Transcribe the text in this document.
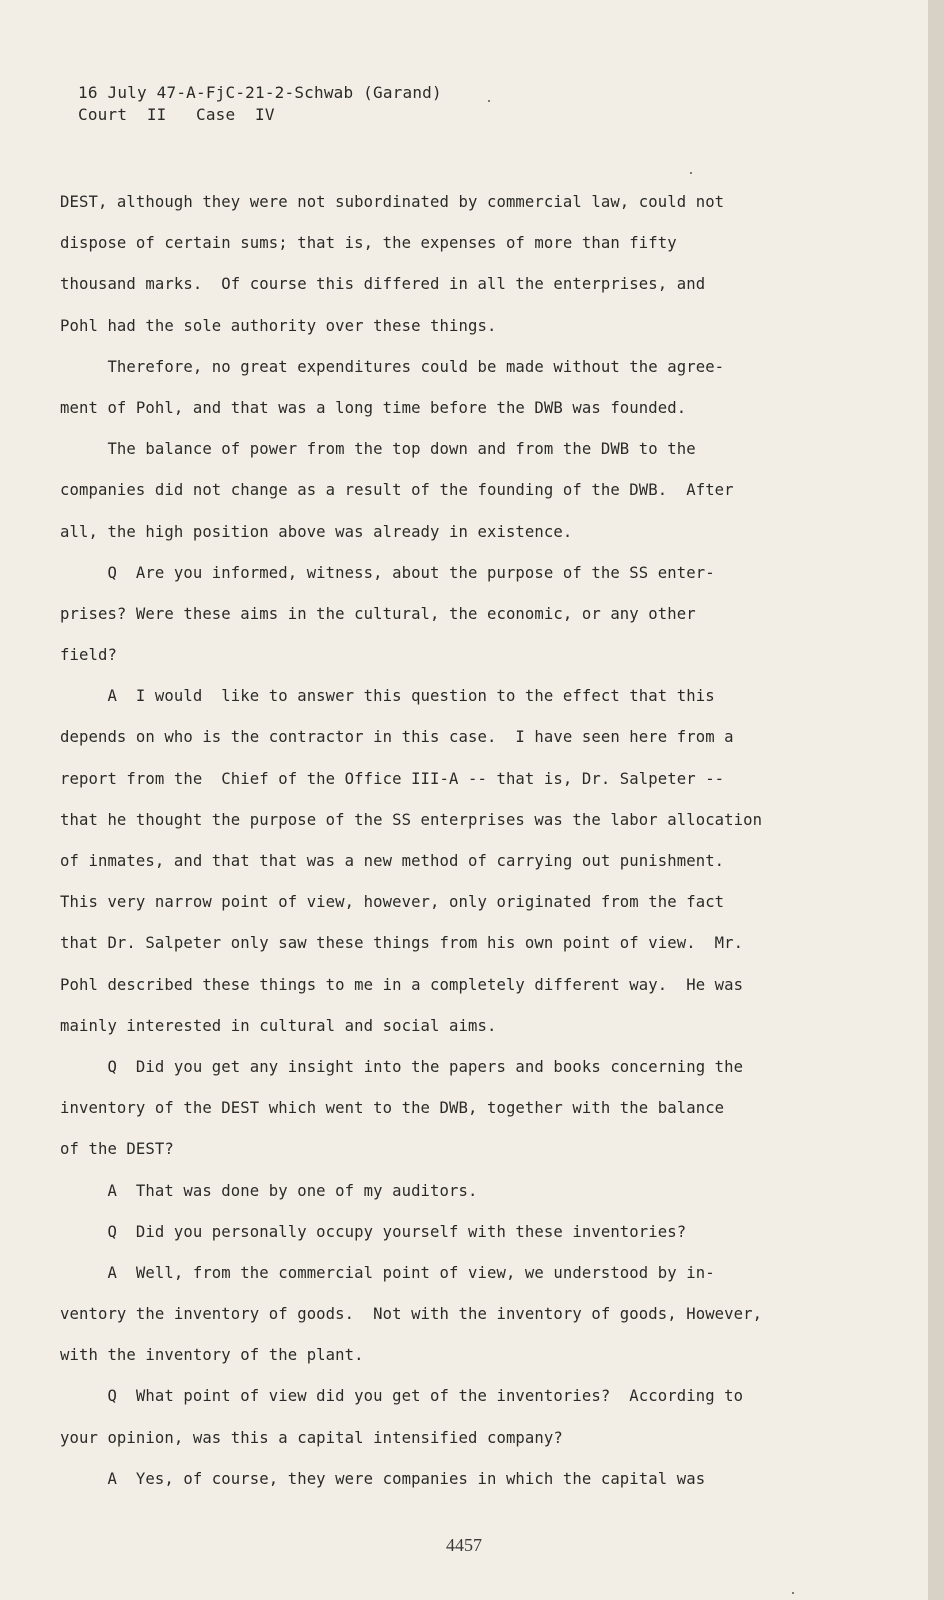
16 July 47-A-FjC-21-2-Schwab (Garand)
Court  II   Case  IV
DEST, although they were not subordinated by commercial law, could not
dispose of certain sums; that is, the expenses of more than fifty
thousand marks.  Of course this differed in all the enterprises, and
Pohl had the sole authority over these things.
Therefore, no great expenditures could be made without the agree-
ment of Pohl, and that was a long time before the DWB was founded.
The balance of power from the top down and from the DWB to the
companies did not change as a result of the founding of the DWB.  After
all, the high position above was already in existence.
Q  Are you informed, witness, about the purpose of the SS enter-
prises? Were these aims in the cultural, the economic, or any other
field?
A  I would  like to answer this question to the effect that this
depends on who is the contractor in this case.  I have seen here from a
report from the  Chief of the Office III-A -- that is, Dr. Salpeter --
that he thought the purpose of the SS enterprises was the labor allocation
of inmates, and that that was a new method of carrying out punishment.
This very narrow point of view, however, only originated from the fact
that Dr. Salpeter only saw these things from his own point of view.  Mr.
Pohl described these things to me in a completely different way.  He was
mainly interested in cultural and social aims.
Q  Did you get any insight into the papers and books concerning the
inventory of the DEST which went to the DWB, together with the balance
of the DEST?
A  That was done by one of my auditors.
Q  Did you personally occupy yourself with these inventories?
A  Well, from the commercial point of view, we understood by in-
ventory the inventory of goods.  Not with the inventory of goods, However,
with the inventory of the plant.
Q  What point of view did you get of the inventories?  According to
your opinion, was this a capital intensified company?
A  Yes, of course, they were companies in which the capital was
4457
